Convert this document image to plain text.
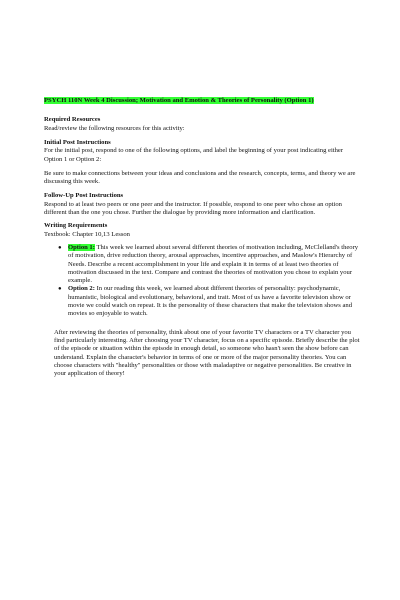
PSYCH 110N Week 4 Discussion; Motivation and Emotion & Theories of Personality (Option 1)

Required Resources

Read/review the following resources for this activity:

Initial Post Instructions

For the initial post, respond to one of the following options, and label the beginning of your post indicating either Option 1 or Option 2:

Be sure to make connections between your ideas and conclusions and the research, concepts, terms, and theory we are discussing this week.

Follow-Up Post Instructions

Respond to at least two peers or one peer and the instructor. If possible, respond to one peer who chose an option different than the one you chose. Further the dialogue by providing more information and clarification.

Writing Requirements

Textbook: Chapter 10,13 Lesson

● Option 1: This week we learned about several different theories of motivation including, McClelland's theory of motivation, drive reduction theory, arousal approaches, incentive approaches, and Maslow's Hierarchy of Needs. Describe a recent accomplishment in your life and explain it in terms of at least two theories of motivation discussed in the text. Compare and contrast the theories of motivation you chose to explain your example.
● Option 2: In our reading this week, we learned about different theories of personality: psychodynamic, humanistic, biological and evolutionary, behavioral, and trait. Most of us have a favorite television show or movie we could watch on repeat. It is the personality of these characters that make the television shows and movies so enjoyable to watch.

After reviewing the theories of personality, think about one of your favorite TV characters or a TV character you find particularly interesting. After choosing your TV character, focus on a specific episode. Briefly describe the plot of the episode or situation within the episode in enough detail, so someone who hasn't seen the show before can understand. Explain the character's behavior in terms of one or more of the major personality theories. You can choose characters with "healthy" personalities or those with maladaptive or negative personalities. Be creative in your application of theory!
